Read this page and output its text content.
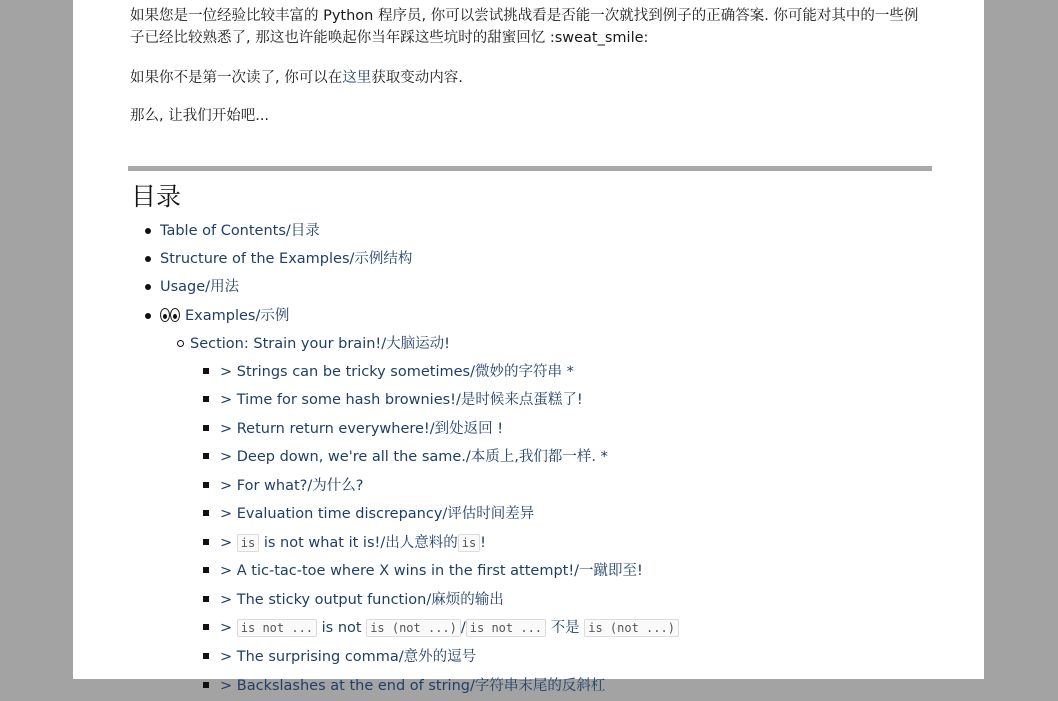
如果您是一位经验比较丰富的 Python 程序员, 你可以尝试挑战看是否能一次就找到例子的正确答案. 你可能对其中的一些例子已经比较熟悉了, 那这也许能唤起你当年踩这些坑时的甜蜜回忆 :sweat_smile:

如果你不是第一次读了, 你可以在这里获取变动内容.

那么, 让我们开始吧...

目录
Table of Contents/目录
Structure of the Examples/示例结构
Usage/用法
Examples/示例
Section: Strain your brain!/大脑运动!
> Strings can be tricky sometimes/微妙的字符串 *
> Time for some hash brownies!/是时候来点蛋糕了!
> Return return everywhere!/到处返回 !
> Deep down, we're all the same./本质上,我们都一样. *
> For what?/为什么?
> Evaluation time discrepancy/评估时间差异
> is is not what it is!/出人意料的 is !
> A tic-tac-toe where X wins in the first attempt!/一蹴即至!
> The sticky output function/麻烦的输出
> is not ... is not is (not ...) / is not ... 不是 is (not ...)
> The surprising comma/意外的逗号
> Backslashes at the end of string/字符串末尾的反斜杠
